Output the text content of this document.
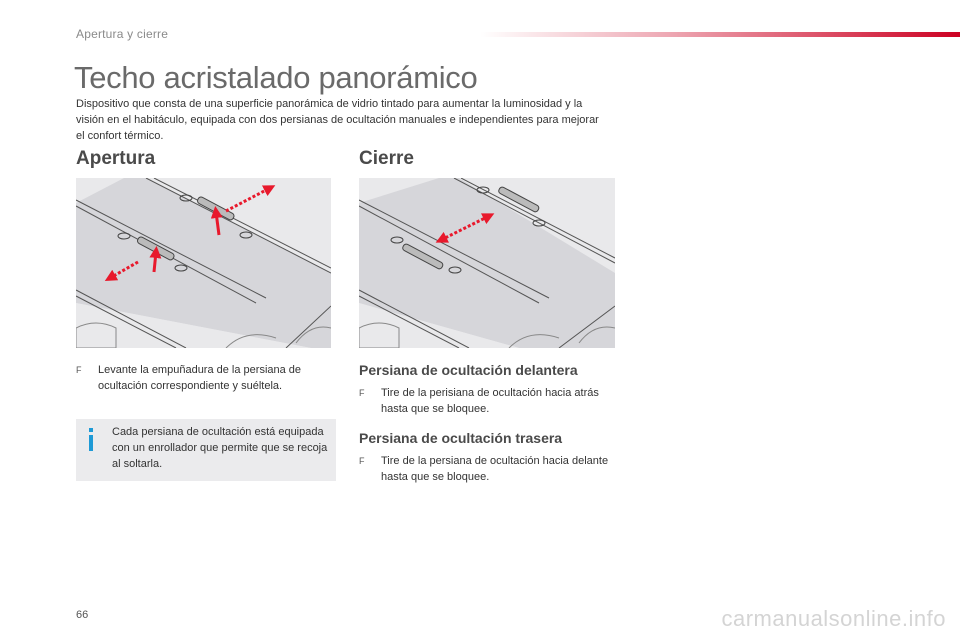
Apertura y cierre
Techo acristalado panorámico

Dispositivo que consta de una superficie panorámica de vidrio tintado para aumentar la luminosidad y la visión en el habitáculo, equipada con dos persianas de ocultación manuales e independientes para mejorar el confort térmico.

Apertura
F	Levante la empuñadura de la persiana de ocultación correspondiente y suéltela.
Cada persiana de ocultación está equipada con un enrollador que permite que se recoja al soltarla.
Cierre
Persiana de ocultación delantera
F	Tire de la perisiana de ocultación hacia atrás hasta que se bloquee.
Persiana de ocultación trasera
F	Tire de la persiana de ocultación hacia delante hasta que se bloquee.
66	carmanualsonline.info
